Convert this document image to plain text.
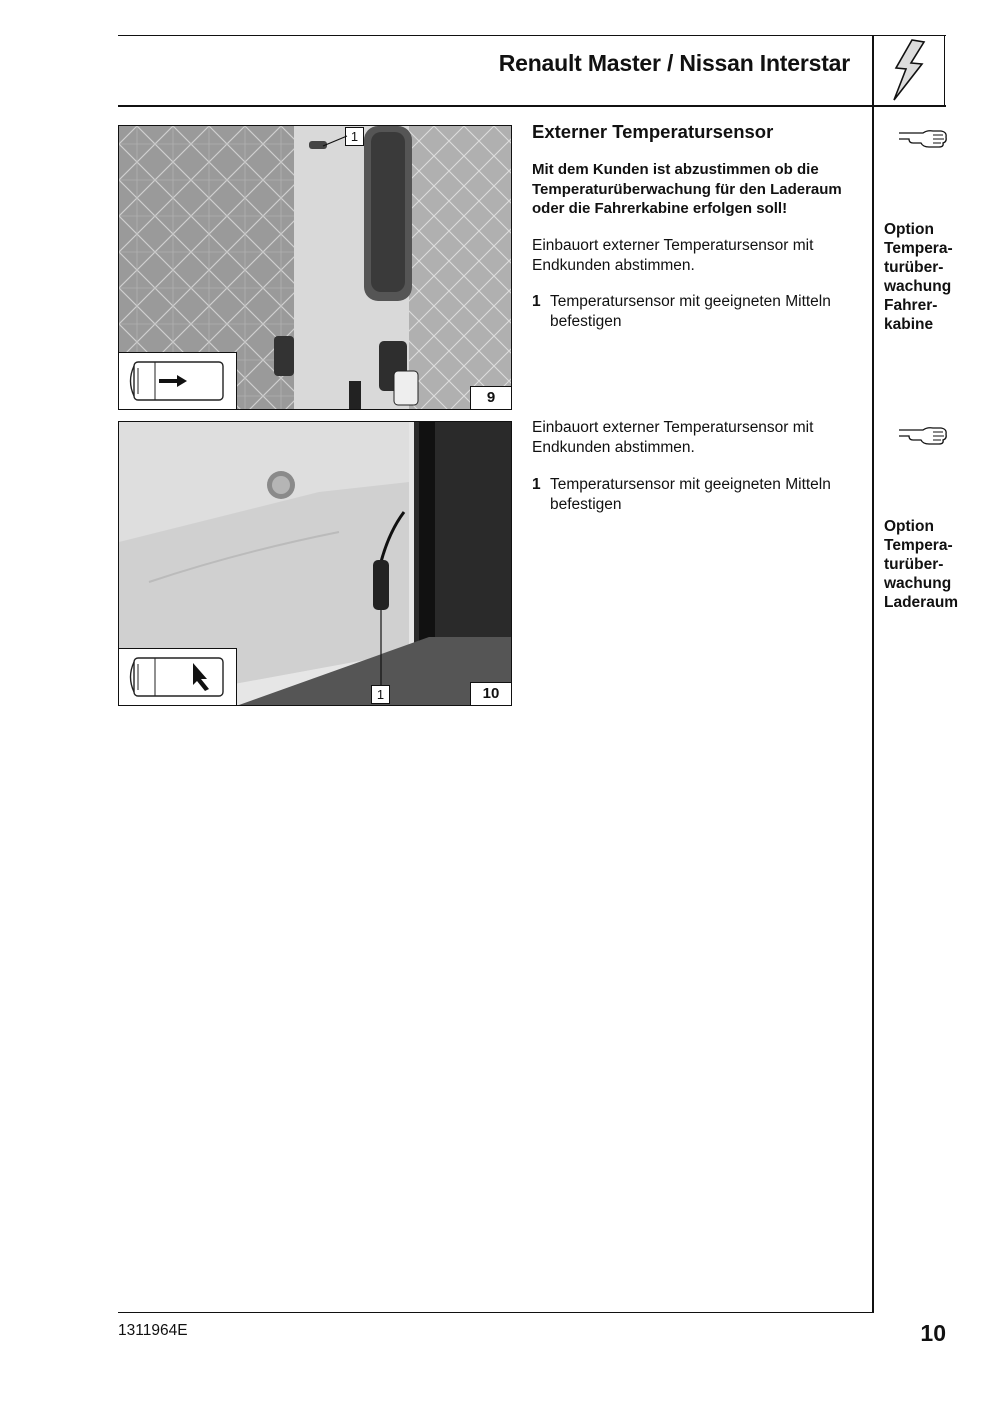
Renault Master / Nissan Interstar
1
9
1	10
Externer Temperatursensor
Mit dem Kunden ist abzustimmen ob die Temperaturüberwachung für den Laderaum oder die Fahrerkabine erfolgen soll!
Einbauort externer Temperatursensor mit Endkunden abstimmen.
1 Temperatursensor mit geeigneten Mitteln befestigen
Einbauort externer Temperatursensor mit Endkunden abstimmen.
1 Temperatursensor mit geeigneten Mitteln befestigen
Option
Tempera-
turüber-
wachung
Fahrer-
kabine
Option
Tempera-
turüber-
wachung
Laderaum
1311964E	10
